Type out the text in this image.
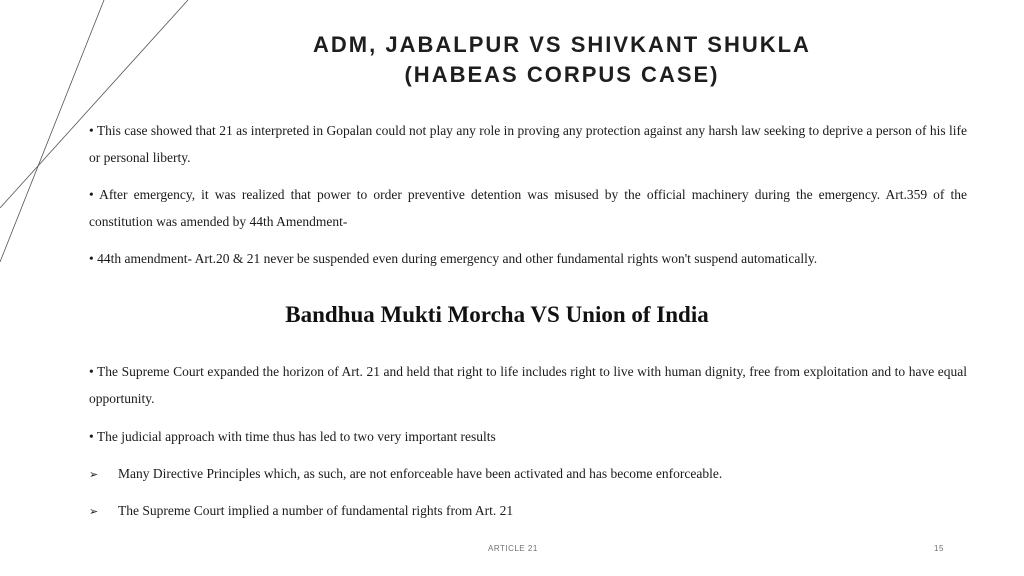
ADM, JABALPUR VS SHIVKANT SHUKLA
(HABEAS CORPUS CASE)
• This case showed that 21 as interpreted in Gopalan could not play any role in proving any protection against any harsh law seeking to deprive a person of his life or personal liberty.
• After emergency, it was realized that power to order preventive detention was misused by the official machinery during the emergency. Art.359 of the constitution was amended by 44th Amendment-
• 44th amendment- Art.20 & 21 never be suspended even during emergency and other fundamental rights won't suspend automatically.
Bandhua Mukti Morcha VS Union of India
• The Supreme Court expanded the horizon of Art. 21 and held that right to life includes right to live with human dignity, free from exploitation and to have equal opportunity.
• The judicial approach with time thus has led to two very important results
➢ Many Directive Principles which, as such, are not enforceable have been activated and has become enforceable.
➢ The Supreme Court implied a number of fundamental rights from Art. 21
ARTICLE 21	15
